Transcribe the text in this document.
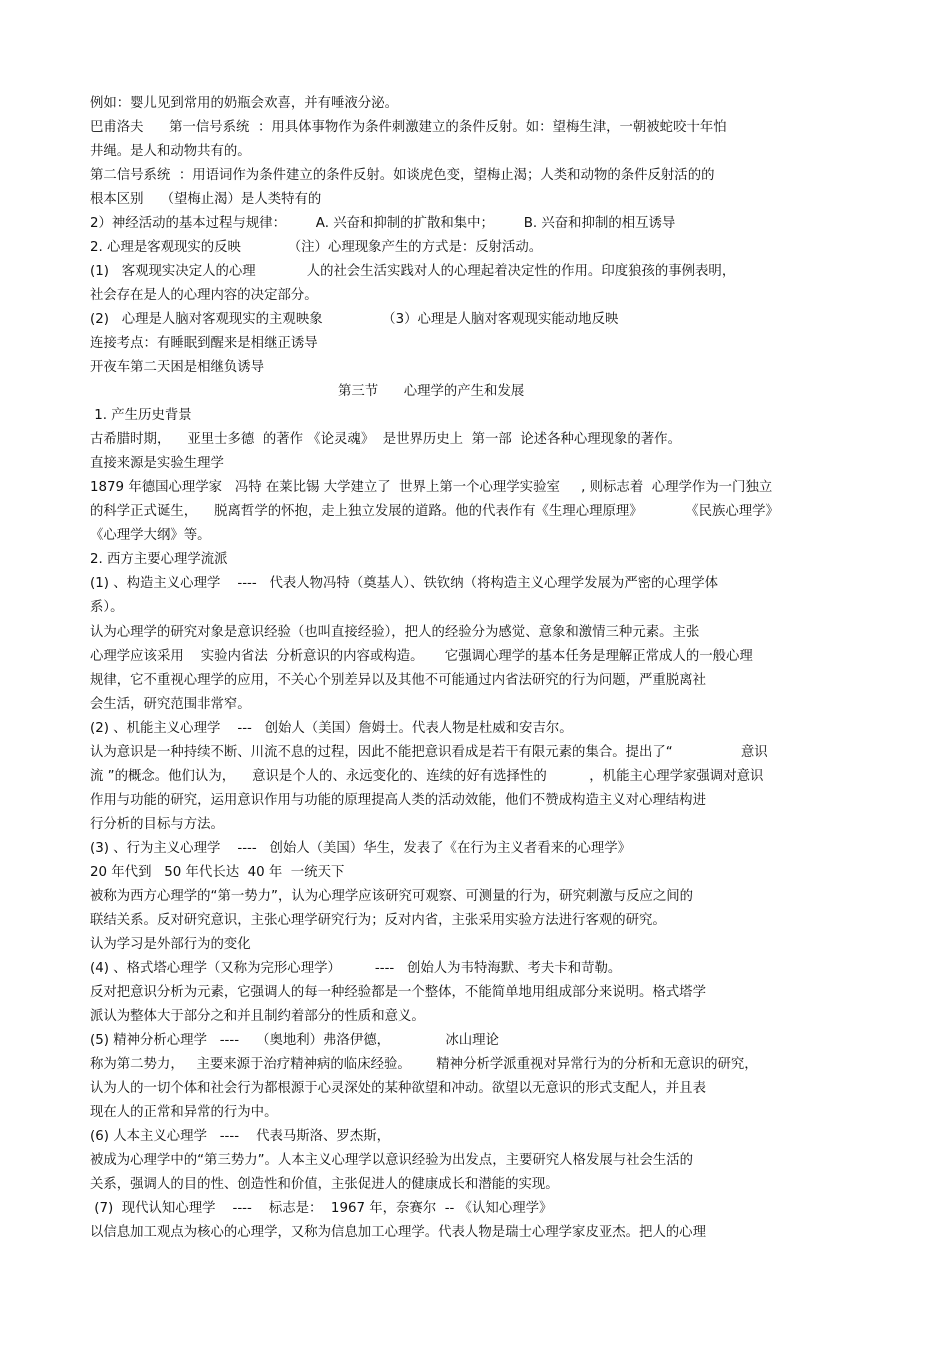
例如：婴儿见到常用的奶瓶会欢喜，并有唾液分泌。
巴甫洛夫      第一信号系统  ：用具体事物作为条件刺激建立的条件反射。如：望梅生津，一朝被蛇咬十年怕
井绳。是人和动物共有的。
第二信号系统  ：用语词作为条件建立的条件反射。如谈虎色变，望梅止渴；人类和动物的条件反射活的的
根本区别    （望梅止渴）是人类特有的
2）神经活动的基本过程与规律：       A. 兴奋和抑制的扩散和集中；       B. 兴奋和抑制的相互诱导
2. 心理是客观现实的反映           （注）心理现象产生的方式是：反射活动。
(1)   客观现实决定人的心理            人的社会生活实践对人的心理起着决定性的作用。印度狼孩的事例表明，
社会存在是人的心理内容的决定部分。
(2)   心理是人脑对客观现实的主观映象              （3）心理是人脑对客观现实能动地反映
连接考点：有睡眠到醒来是相继正诱导
开夜车第二天困是相继负诱导
第三节      心理学的产生和发展
1. 产生历史背景
古希腊时期，    亚里士多德  的著作 《论灵魂》  是世界历史上  第一部  论述各种心理现象的著作。
直接来源是实验生理学
1879 年德国心理学家   冯特 在莱比锡 大学建立了  世界上第一个心理学实验室     , 则标志着  心理学作为一门独立
的科学正式诞生，    脱离哲学的怀抱，走上独立发展的道路。他的代表作有《生理心理原理》          《民族心理学》
《心理学大纲》等。
2. 西方主要心理学流派
(1) 、构造主义心理学    ----   代表人物冯特（奠基人）、铁钦纳（将构造主义心理学发展为严密的心理学体
系）。
认为心理学的研究对象是意识经验（也叫直接经验），把人的经验分为感觉、意象和激情三种元素。主张
心理学应该采用    实验内省法  分析意识的内容或构造。     它强调心理学的基本任务是理解正常成人的一般心理
规律，它不重视心理学的应用，不关心个别差异以及其他不可能通过内省法研究的行为问题，严重脱离社
会生活，研究范围非常窄。
(2) 、机能主义心理学    ---   创始人（美国）詹姆士。代表人物是杜威和安吉尔。
认为意识是一种持续不断、川流不息的过程，因此不能把意识看成是若干有限元素的集合。提出了“                意识
流 ”的概念。他们认为，    意识是个人的、永远变化的、连续的好有选择性的          ，机能主心理学家强调对意识
作用与功能的研究，运用意识作用与功能的原理提高人类的活动效能，他们不赞成构造主义对心理结构进
行分析的目标与方法。
(3) 、行为主义心理学    ----   创始人（美国）华生，发表了《在行为主义者看来的心理学》
20 年代到   50 年代长达  40 年  一统天下
被称为西方心理学的“第一势力”，认为心理学应该研究可观察、可测量的行为，研究刺激与反应之间的
联结关系。反对研究意识，主张心理学研究行为；反对内省，主张采用实验方法进行客观的研究。
认为学习是外部行为的变化
(4) 、格式塔心理学（又称为完形心理学）        ----   创始人为韦特海默、考夫卡和苛勒。
反对把意识分析为元素，它强调人的每一种经验都是一个整体，不能简单地用组成部分来说明。格式塔学
派认为整体大于部分之和并且制约着部分的性质和意义。
(5) 精神分析心理学   ----    （奥地利）弗洛伊德，             冰山理论
称为第二势力，   主要来源于治疗精神病的临床经验。      精神分析学派重视对异常行为的分析和无意识的研究，
认为人的一切个体和社会行为都根源于心灵深处的某种欲望和冲动。欲望以无意识的形式支配人，并且表
现在人的正常和异常的行为中。
(6) 人本主义心理学   ----    代表马斯洛、罗杰斯，
被成为心理学中的“第三势力”。人本主义心理学以意识经验为出发点，主要研究人格发展与社会生活的
关系，强调人的目的性、创造性和价值，主张促进人的健康成长和潜能的实现。
(7)  现代认知心理学    ----    标志是：  1967 年，奈赛尔  -- 《认知心理学》
以信息加工观点为核心的心理学，又称为信息加工心理学。代表人物是瑞士心理学家皮亚杰。把人的心理
